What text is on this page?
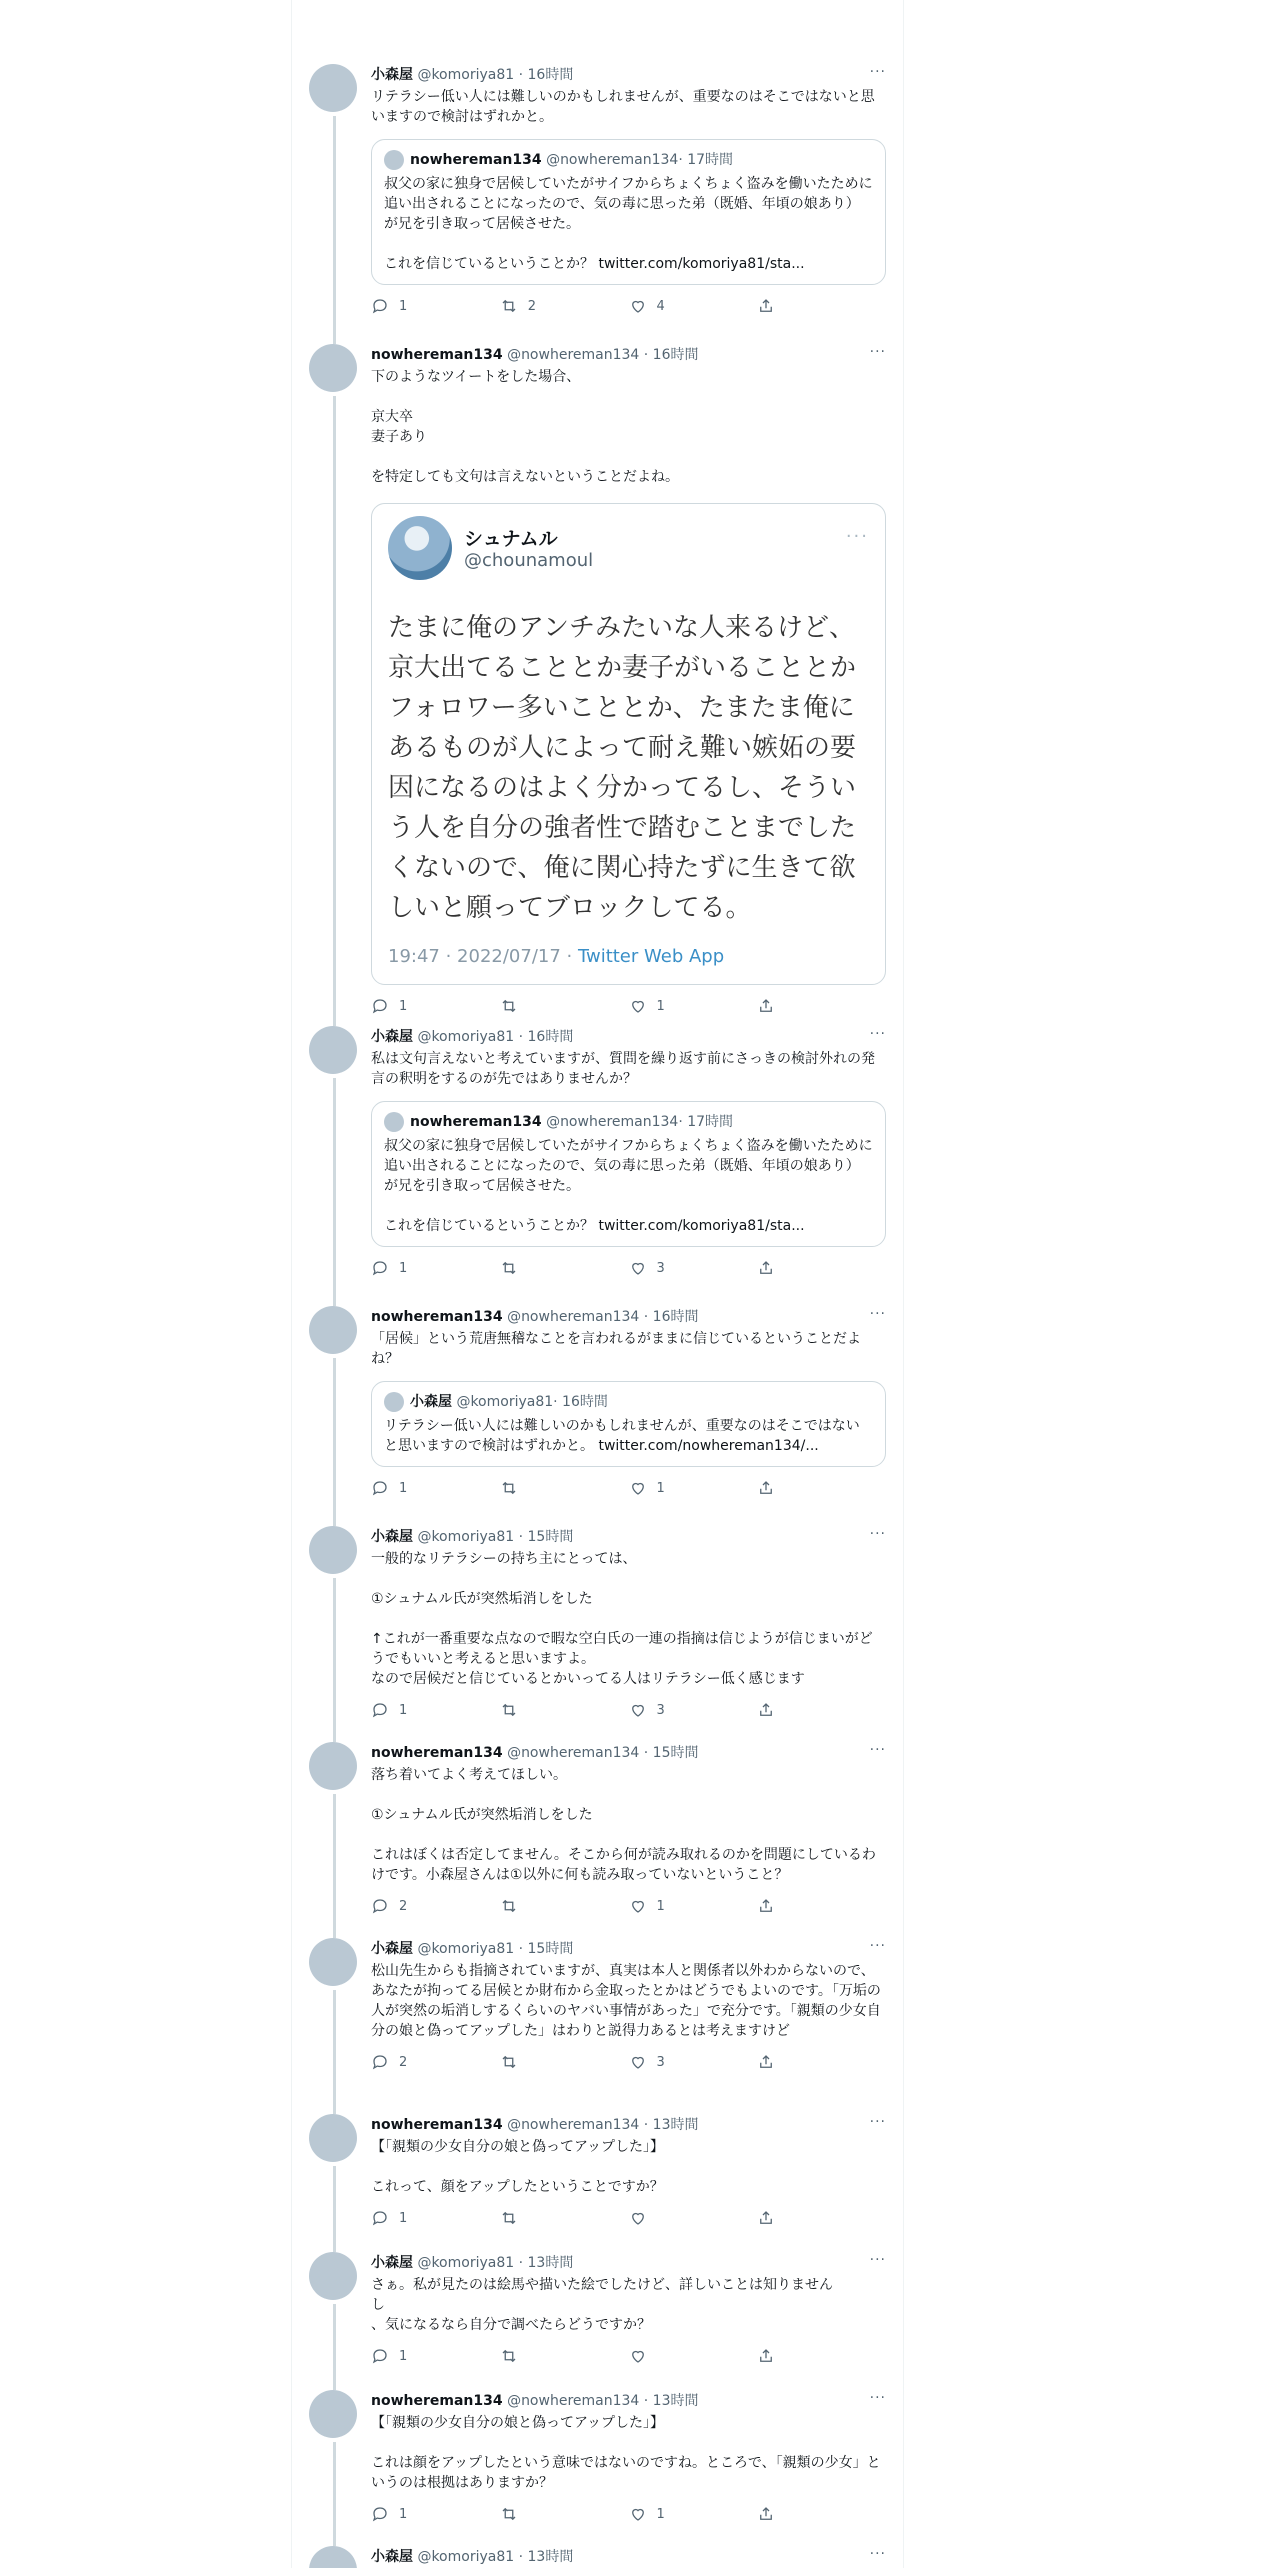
小森屋 @komoriya81 · 16時間	···
リテラシー低い人には難しいのかもしれませんが、重要なのはそこではないと思いますので検討はずれかと。
nowhereman134
@nowhereman134 · 17時間
叔父の家に独身で居候していたがサイフからちょくちょく盗みを働いたために追い出されることになったので、気の毒に思った弟（既婚、年頃の娘あり）が兄を引き取って居候させた。

これを信じているということか？ twitter.com/komoriya81/sta...
1	2	4
nowhereman134 @nowhereman134 · 16時間	···
下のようなツイートをした場合、

京大卒
妻子あり

を特定しても文句は言えないということだよね。
シュナムル
@chounamoul
···
たまに俺のアンチみたいな人来るけど、京大出てることとか妻子がいることとかフォロワー多いこととか、たまたま俺にあるものが人によって耐え難い嫉妬の要因になるのはよく分かってるし、そういう人を自分の強者性で踏むことまでしたくないので、俺に関心持たずに生きて欲しいと願ってブロックしてる。
19:47 · 2022/07/17 · Twitter Web App
1	1
小森屋 @komoriya81 · 16時間	···
私は文句言えないと考えていますが、質問を繰り返す前にさっきの検討外れの発言の釈明をするのが先ではありませんか？
nowhereman134
@nowhereman134 · 17時間
叔父の家に独身で居候していたがサイフからちょくちょく盗みを働いたために追い出されることになったので、気の毒に思った弟（既婚、年頃の娘あり）が兄を引き取って居候させた。

これを信じているということか？ twitter.com/komoriya81/sta...
1	3
nowhereman134 @nowhereman134 · 16時間	···
「居候」という荒唐無稽なことを言われるがままに信じているということだよね？
小森屋
@komoriya81 · 16時間
リテラシー低い人には難しいのかもしれませんが、重要なのはそこではないと思いますので検討はずれかと。 twitter.com/nowhereman134/...
1	1
小森屋 @komoriya81 · 15時間	···
一般的なリテラシーの持ち主にとっては、

①シュナムル氏が突然垢消しをした

↑これが一番重要な点なので暇な空白氏の一連の指摘は信じようが信じまいがどうでもいいと考えると思いますよ。
なので居候だと信じているとかいってる人はリテラシー低く感じます
1	3
nowhereman134 @nowhereman134 · 15時間	···
落ち着いてよく考えてほしい。

①シュナムル氏が突然垢消しをした

これはぼくは否定してません。そこから何が読み取れるのかを問題にしているわけです。小森屋さんは①以外に何も読み取っていないということ？
2	1
小森屋 @komoriya81 · 15時間	···
松山先生からも指摘されていますが、真実は本人と関係者以外わからないので、あなたが拘ってる居候とか財布から金取ったとかはどうでもよいのです。「万垢の人が突然の垢消しするくらいのヤバい事情があった」で充分です。「親類の少女自分の娘と偽ってアップした」はわりと説得力あるとは考えますけど
2	3
nowhereman134 @nowhereman134 · 13時間	···
【「親類の少女自分の娘と偽ってアップした」】

これって、顔をアップしたということですか？
1
小森屋 @komoriya81 · 13時間	···
さぁ。私が見たのは絵馬や描いた絵でしたけど、詳しいことは知りません
し
、気になるなら自分で調べたらどうですか？
1
nowhereman134 @nowhereman134 · 13時間	···
【「親類の少女自分の娘と偽ってアップした」】

これは顔をアップしたという意味ではないのですね。ところで、「親類の少女」というのは根拠はありますか？
1	1
小森屋 @komoriya81 · 13時間	···
